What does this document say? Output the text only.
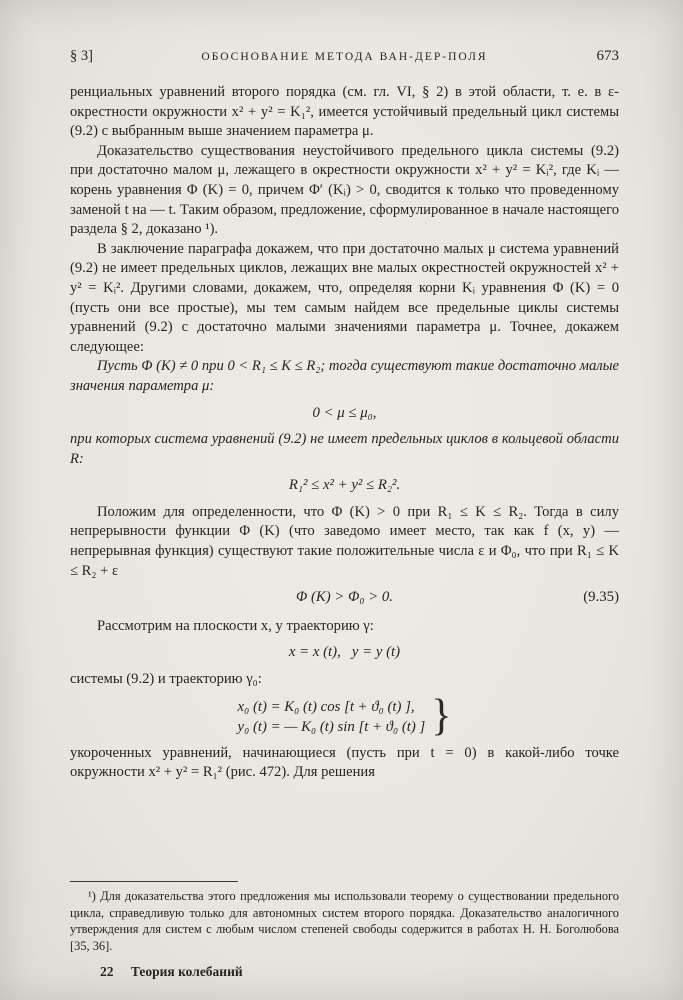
§ 3]	ОБОСНОВАНИЕ МЕТОДА ВАН-ДЕР-ПОЛЯ	673

ренциальных уравнений второго порядка (см. гл. VI, § 2) в этой области, т. е. в ε-окрестности окружности x² + y² = K₁², имеется устойчивый предельный цикл системы (9.2) с выбранным выше значением параметра μ.

Доказательство существования неустойчивого предельного цикла системы (9.2) при достаточно малом μ, лежащего в окрестности окружности x² + y² = Kᵢ², где Kᵢ — корень уравнения Φ (K) = 0, причем Φ′ (Kᵢ) > 0, сводится к только что проведенному заменой t на — t. Таким образом, предложение, сформулированное в начале настоящего раздела § 2, доказано ¹).

В заключение параграфа докажем, что при достаточно малых μ система уравнений (9.2) не имеет предельных циклов, лежащих вне малых окрестностей окружностей x² + y² = Kᵢ². Другими словами, докажем, что, определяя корни Kᵢ уравнения Φ (K) = 0 (пусть они все простые), мы тем самым найдем все предельные циклы системы уравнений (9.2) с достаточно малыми значениями параметра μ. Точнее, докажем следующее:

Пусть Φ (K) ≠ 0 при 0 < R₁ ≤ K ≤ R₂; тогда существуют такие достаточно малые значения параметра μ:

0 < μ ≤ μ₀,

при которых система уравнений (9.2) не имеет предельных циклов в кольцевой области R:

R₁² ≤ x² + y² ≤ R₂².

Положим для определенности, что Φ (K) > 0 при R₁ ≤ K ≤ R₂. Тогда в силу непрерывности функции Φ (K) (что заведомо имеет место, так как f (x, y) — непрерывная функция) существуют такие положительные числа ε и Φ₀, что при R₁ ≤ K ≤ R₂ + ε

Φ (K) > Φ₀ > 0.	(9.35)

Рассмотрим на плоскости x, y траекторию γ:

x = x (t),   y = y (t)

системы (9.2) и траекторию γ₀:

x₀ (t) = K₀ (t) cos [t + ϑ₀ (t) ],
y₀ (t) = — K₀ (t) sin [t + ϑ₀ (t) ] }

укороченных уравнений, начинающиеся (пусть при t = 0) в какой-либо точке окружности x² + y² = R₁² (рис. 472). Для решения

¹) Для доказательства этого предложения мы использовали теорему о существовании предельного цикла, справедливую только для автономных систем второго порядка. Доказательство аналогичного утверждения для систем с любым числом степеней свободы содержится в работах Н. Н. Боголюбова [35, 36].

22 Теория колебаний
